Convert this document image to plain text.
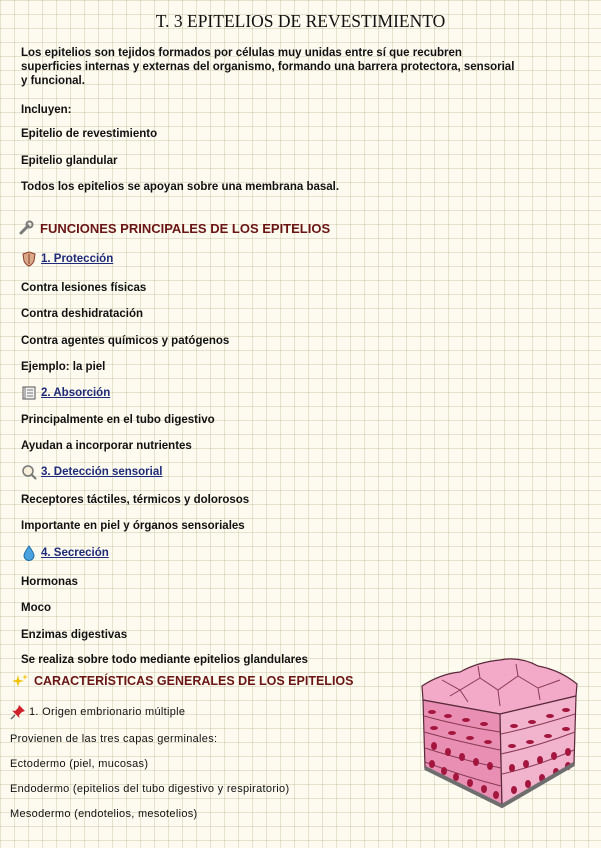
T. 3 EPITELIOS DE REVESTIMIENTO
Los epitelios son tejidos formados por células muy unidas entre sí que recubren superficies internas y externas del organismo, formando una barrera protectora, sensorial y funcional.
Incluyen:
Epitelio de revestimiento
Epitelio glandular
Todos los epitelios se apoyan sobre una membrana basal.
FUNCIONES PRINCIPALES DE LOS EPITELIOS
1. Protección
Contra lesiones físicas
Contra deshidratación
Contra agentes químicos y patógenos
Ejemplo: la piel
2. Absorción
Principalmente en el tubo digestivo
Ayudan a incorporar nutrientes
3. Detección sensorial
Receptores táctiles, térmicos y dolorosos
Importante en piel y órganos sensoriales
4. Secreción
Hormonas
Moco
Enzimas digestivas
Se realiza sobre todo mediante epitelios glandulares
CARACTERÍSTICAS GENERALES DE LOS EPITELIOS
1. Origen embrionario múltiple
Provienen de las tres capas germinales:
Ectodermo (piel, mucosas)
Endodermo (epitelios del tubo digestivo y respiratorio)
Mesodermo (endotelios, mesotelios)
